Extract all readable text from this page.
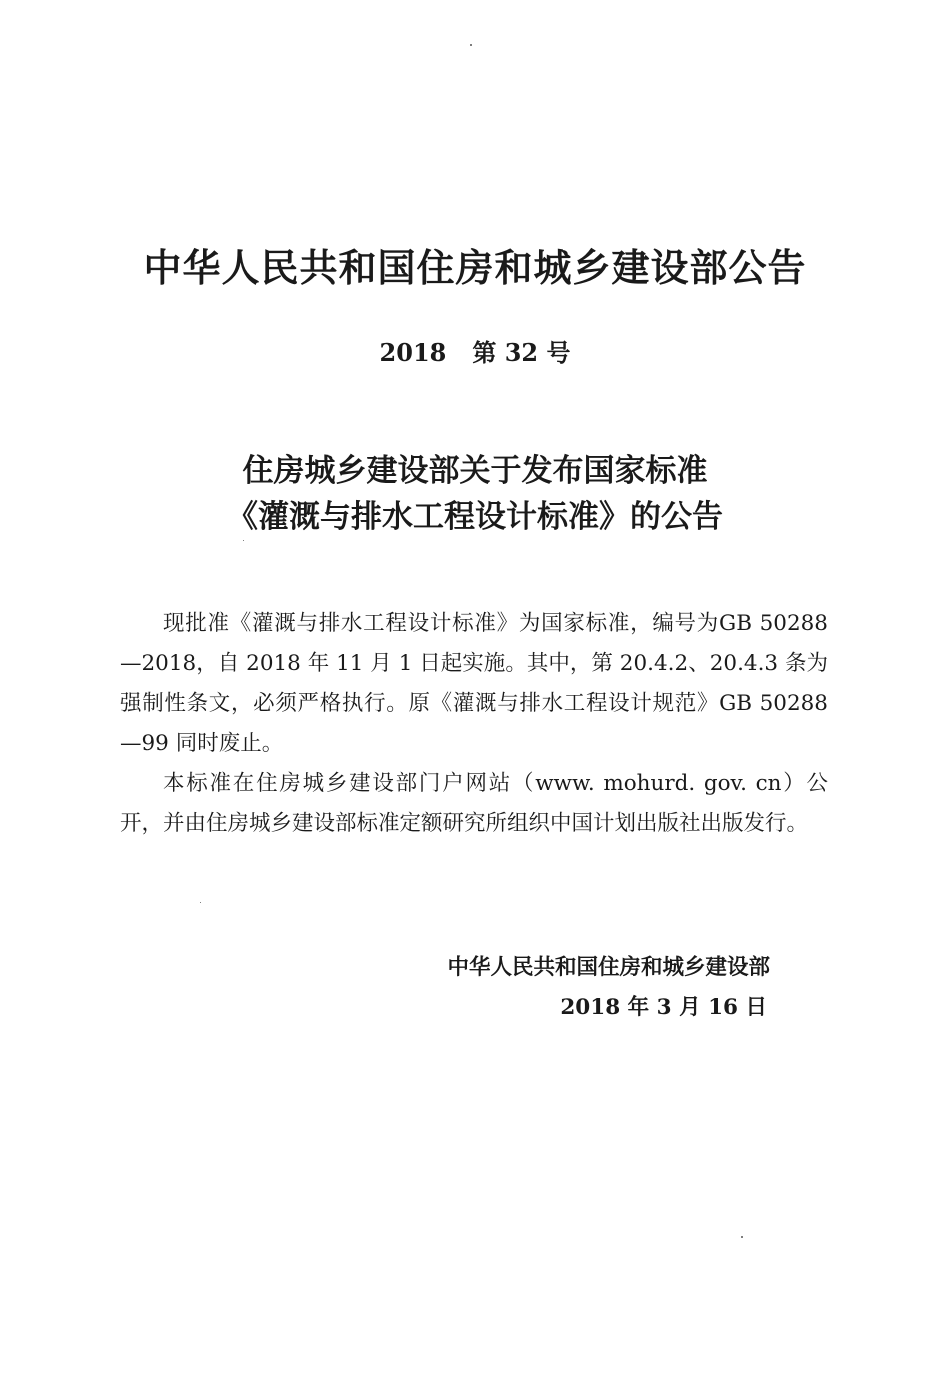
中华人民共和国住房和城乡建设部公告
2018 第 32 号
住房城乡建设部关于发布国家标准
《灌溉与排水工程设计标准》的公告

现批准《灌溉与排水工程设计标准》为国家标准，编号为GB 50288—2018，自 2018 年 11 月 1 日起实施。其中，第 20.4.2、20.4.3 条为强制性条文，必须严格执行。原《灌溉与排水工程设计规范》GB 50288—99 同时废止。

本标准在住房城乡建设部门户网站（www. mohurd. gov. cn）公开，并由住房城乡建设部标准定额研究所组织中国计划出版社出版发行。

中华人民共和国住房和城乡建设部
2018 年 3 月 16 日
